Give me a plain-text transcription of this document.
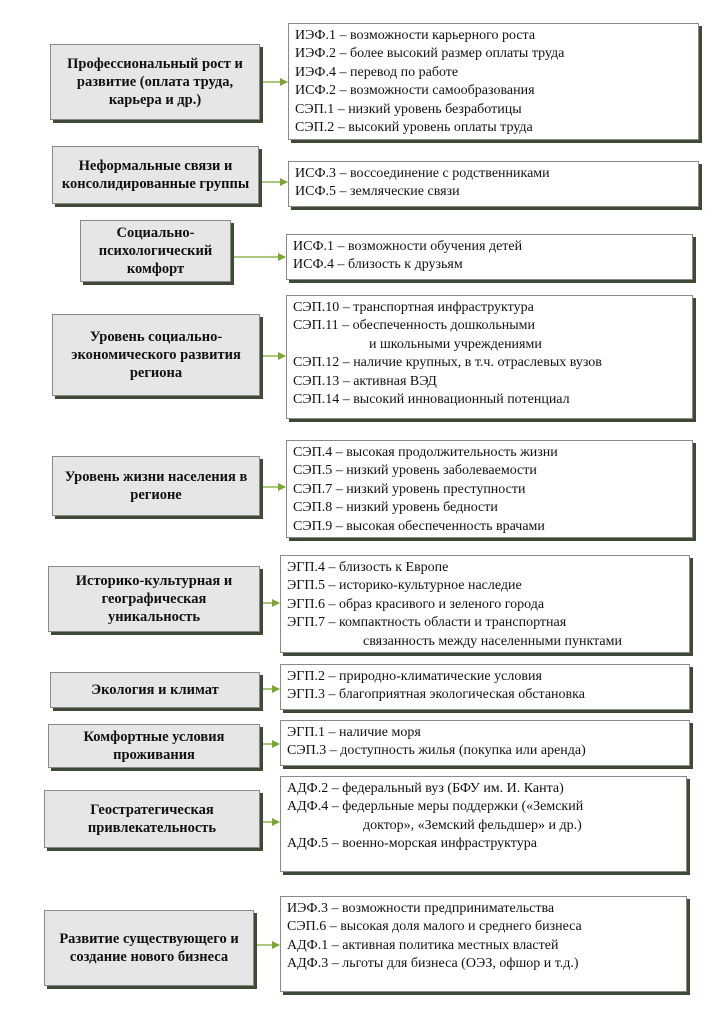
Профессиональный рост и развитие (оплата труда, карьера и др.)
ИЭФ.1 – возможности карьерного роста
ИЭФ.2 – более высокий размер оплаты труда
ИЭФ.4 – перевод по работе
ИСФ.2 – возможности самообразования
СЭП.1 – низкий уровень безработицы
СЭП.2 – высокий уровень оплаты труда
Неформальные связи и консолидированные группы
ИСФ.3 – воссоединение с родственниками
ИСФ.5 – землячеcкие связи
Социально-психологический комфорт
ИСФ.1 – возможности обучения детей
ИСФ.4 – близость к друзьям
Уровень социально-экономического развития региона
СЭП.10 – транспортная инфраструктура
СЭП.11 – обеспеченность дошкольными
и школьными учреждениями
СЭП.12 – наличие крупных, в т.ч. отраслевых вузов
СЭП.13 – активная ВЭД
СЭП.14 – высокий инновационный потенциал
Уровень жизни населения в регионе
СЭП.4 – высокая продолжительность жизни
СЭП.5 – низкий уровень заболеваемости
СЭП.7 – низкий уровень преступности
СЭП.8 – низкий уровень бедности
СЭП.9 – высокая обеспеченность врачами
Историко-культурная и географическая уникальность
ЭГП.4 – близость к Европе
ЭГП.5 – историко-культурное наследие
ЭГП.6 – образ красивого и зеленого города
ЭГП.7 – компактность области и транспортная
связанность между населенными пунктами
Экология и климат
ЭГП.2 – природно-климатические условия
ЭГП.3 – благоприятная экологическая обстановка
Комфортные условия проживания
ЭГП.1 – наличие моря
СЭП.3 – доступность жилья (покупка или аренда)
Геостратегическая привлекательность
АДФ.2 – федеральный вуз (БФУ им. И. Канта)
АДФ.4 – федерльные меры поддержки («Земский
доктор», «Земский фельдшер» и др.)
АДФ.5 – военно-морская инфраструктура
Развитие существующего и создание нового бизнеса
ИЭФ.3 – возможности предпринимательства
СЭП.6 – высокая доля малого и среднего бизнеса
АДФ.1 – активная политика местных властей
АДФ.3 – льготы для бизнеса (ОЭЗ, офшор и т.д.)
